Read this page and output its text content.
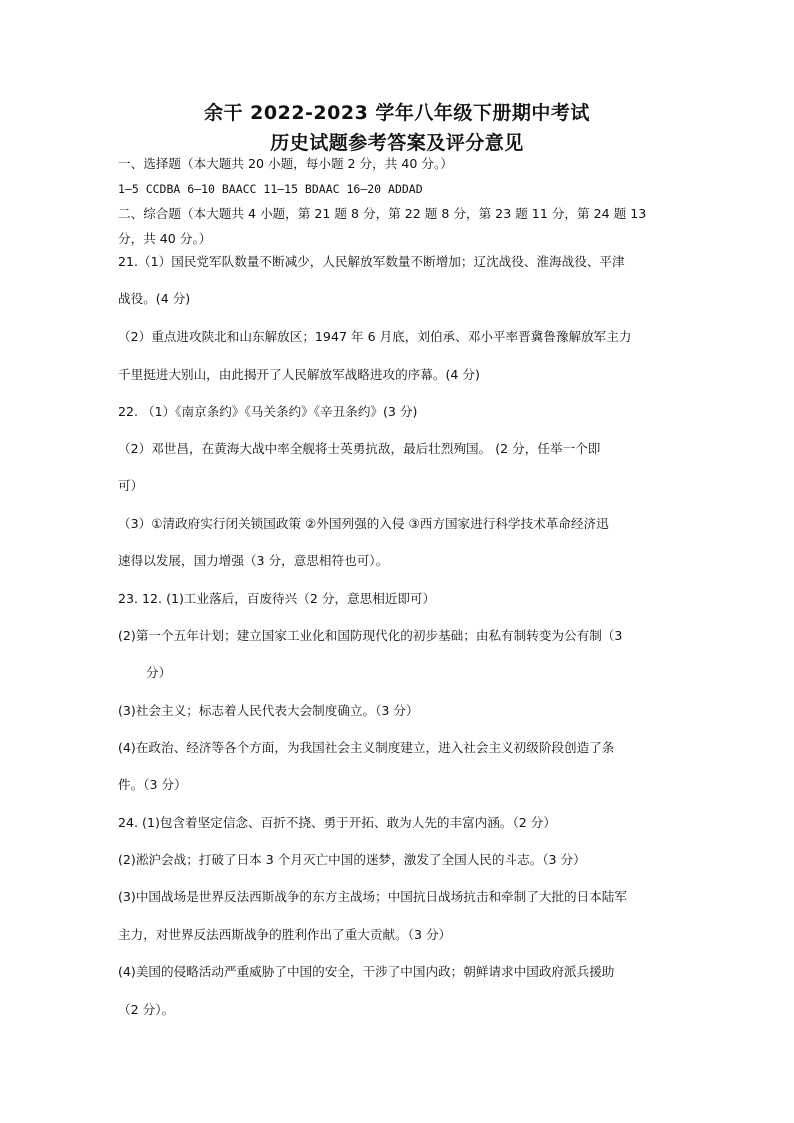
余干 2022-2023 学年八年级下册期中考试
历史试题参考答案及评分意见
一、选择题（本大题共 20 小题，每小题 2 分，共 40 分。）
1—5 CCDBA 6—10 BAACC 11—15 BDAAC 16—20 ADDAD
二、综合题（本大题共 4 小题，第 21 题 8 分，第 22 题 8 分，第 23 题 11 分，第 24 题 13
分，共 40 分。）
21.（1）国民党军队数量不断减少，人民解放军数量不断增加；辽沈战役、淮海战役、平津
战役。(4 分)
（2）重点进攻陕北和山东解放区；1947 年 6 月底，刘伯承、邓小平率晋冀鲁豫解放军主力
千里挺进大别山，由此揭开了人民解放军战略进攻的序幕。(4 分)
22. （1）《南京条约》《马关条约》《辛丑条约》(3 分)
（2）邓世昌，在黄海大战中率全舰将士英勇抗敌，最后壮烈殉国。 (2 分，任举一个即
可）
（3）①清政府实行闭关锁国政策 ②外国列强的入侵 ③西方国家进行科学技术革命经济迅
速得以发展，国力增强（3 分，意思相符也可）。
23. 12. (1)工业落后，百废待兴（2 分，意思相近即可）
(2)第一个五年计划；建立国家工业化和国防现代化的初步基础；由私有制转变为公有制（3
分）
(3)社会主义；标志着人民代表大会制度确立。（3 分）
(4)在政治、经济等各个方面，为我国社会主义制度建立，进入社会主义初级阶段创造了条
件。（3 分）
24. (1)包含着坚定信念、百折不挠、勇于开拓、敢为人先的丰富内涵。（2 分）
(2)淞沪会战；打破了日本 3 个月灭亡中国的迷梦，激发了全国人民的斗志。（3 分）
(3)中国战场是世界反法西斯战争的东方主战场；中国抗日战场抗击和牵制了大批的日本陆军
主力，对世界反法西斯战争的胜利作出了重大贡献。（3 分）
(4)美国的侵略活动严重威胁了中国的安全，干涉了中国内政；朝鲜请求中国政府派兵援助
（2 分）。
